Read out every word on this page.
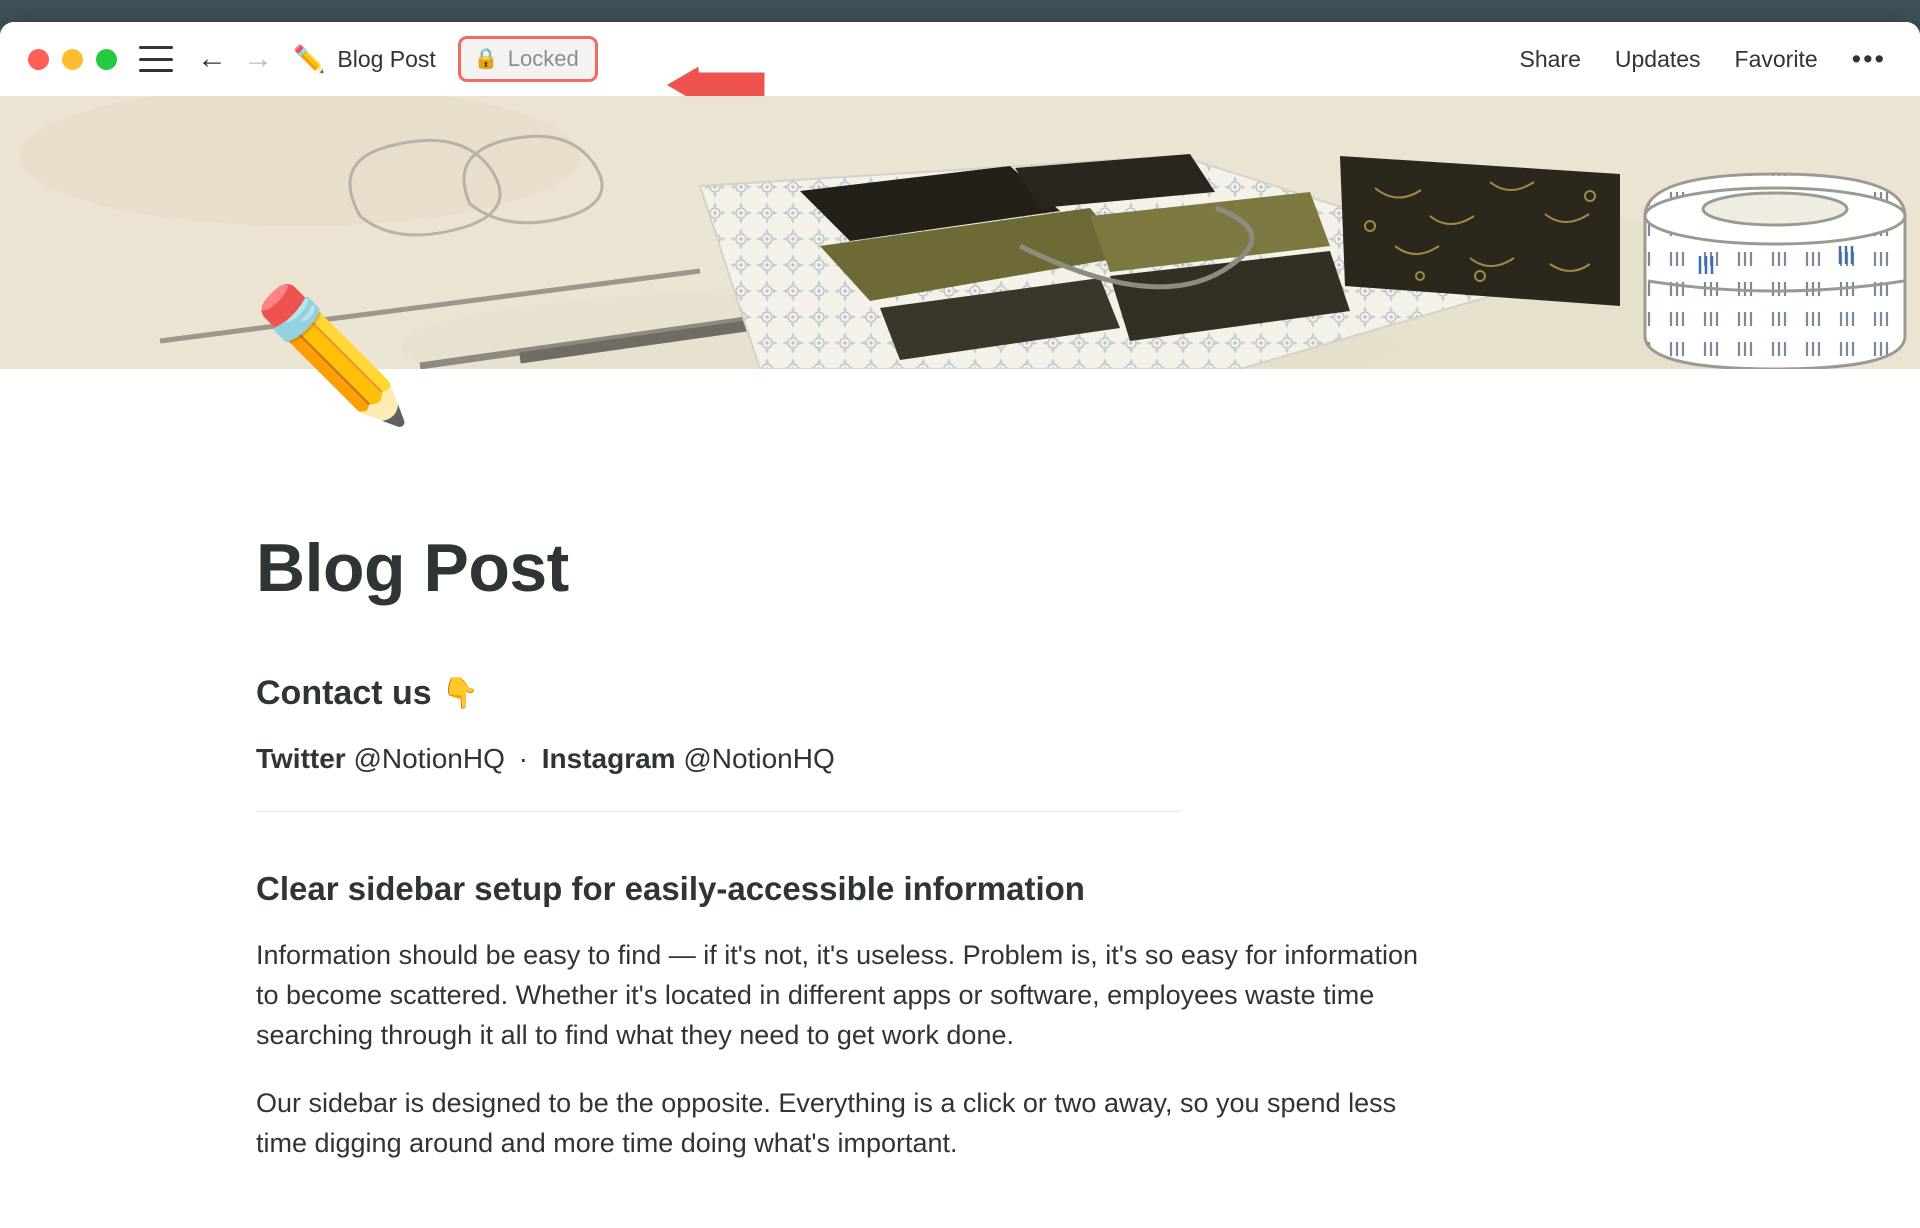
← → ✏️ Blog Post 🔒 Locked	Share Updates Favorite •••
✏️
Blog Post
Contact us 👇
Twitter @NotionHQ · Instagram @NotionHQ
Clear sidebar setup for easily-accessible information

Information should be easy to find — if it's not, it's useless. Problem is, it's so easy for information to become scattered. Whether it's located in different apps or software, employees waste time searching through it all to find what they need to get work done.

Our sidebar is designed to be the opposite. Everything is a click or two away, so you spend less time digging around and more time doing what's important.
